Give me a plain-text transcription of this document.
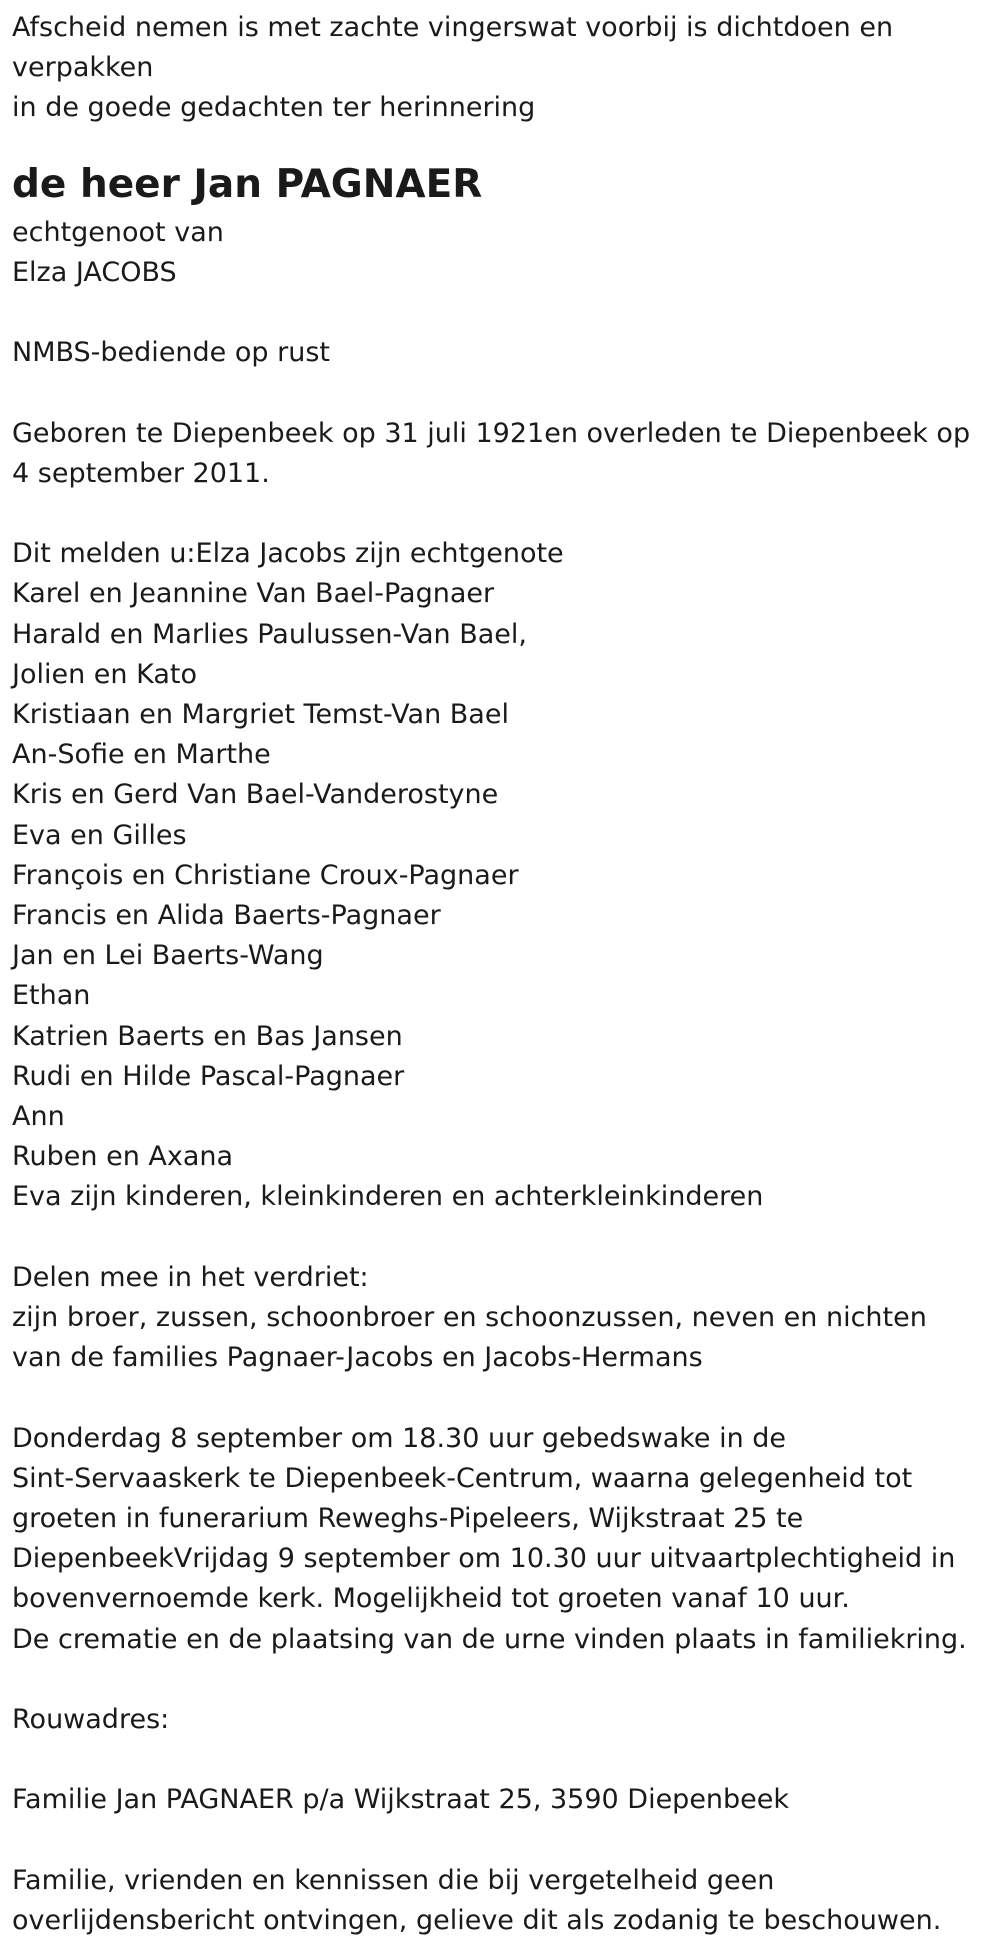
Afscheid nemen is met zachte vingerswat voorbij is dichtdoen en verpakken

in de goede gedachten ter herinnering

de heer Jan PAGNAER

echtgenoot van

Elza JACOBS

NMBS-bediende op rust

Geboren te Diepenbeek op 31 juli 1921en overleden te Diepenbeek op 4 september 2011.

Dit melden u:Elza Jacobs zijn echtgenote

Karel en Jeannine Van Bael-Pagnaer

Harald en Marlies Paulussen-Van Bael,

Jolien en Kato

Kristiaan en Margriet Temst-Van Bael

An-Sofie en Marthe

Kris en Gerd Van Bael-Vanderostyne

Eva en Gilles

François en Christiane Croux-Pagnaer

Francis en Alida Baerts-Pagnaer

Jan en Lei Baerts-Wang

Ethan

Katrien Baerts en Bas Jansen

Rudi en Hilde Pascal-Pagnaer

Ann

Ruben en Axana

Eva zijn kinderen, kleinkinderen en achterkleinkinderen

Delen mee in het verdriet:

zijn broer, zussen, schoonbroer en schoonzussen, neven en nichten

van de families Pagnaer-Jacobs en Jacobs-Hermans

Donderdag 8 september om 18.30 uur gebedswake in de

Sint-Servaaskerk te Diepenbeek-Centrum, waarna gelegenheid tot

groeten in funerarium Reweghs-Pipeleers, Wijkstraat 25 te

DiepenbeekVrijdag 9 september om 10.30 uur uitvaartplechtigheid in

bovenvernoemde kerk. Mogelijkheid tot groeten vanaf 10 uur.

De crematie en de plaatsing van de urne vinden plaats in familiekring.

Rouwadres:

Familie Jan PAGNAER p/a Wijkstraat 25, 3590 Diepenbeek

Familie, vrienden en kennissen die bij vergetelheid geen

overlijdensbericht ontvingen, gelieve dit als zodanig te beschouwen.
